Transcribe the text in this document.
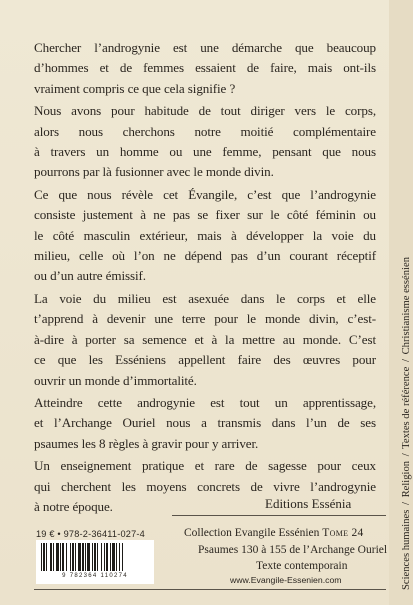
Chercher l’androgynie est une démarche que beaucoup
d’hommes et de femmes essaient de faire, mais ont-ils
vraiment compris ce que cela signifie ?

Nous avons pour habitude de tout diriger vers le corps,
alors nous cherchons notre moitié complémentaire
à travers un homme ou une femme, pensant que nous
pourrons par là fusionner avec le monde divin.

Ce que nous révèle cet Évangile, c’est que l’androgynie
consiste justement à ne pas se fixer sur le côté féminin ou
le côté masculin extérieur, mais à développer la voie du
milieu, celle où l’on ne dépend pas d’un courant réceptif
ou d’un autre émissif.

La voie du milieu est asexuée dans le corps et elle
t’apprend à devenir une terre pour le monde divin, c’est-
à-dire à porter sa semence et à la mettre au monde. C’est
ce que les Esséniens appellent faire des œuvres pour
ouvrir un monde d’immortalité.

Atteindre cette androgynie est tout un apprentissage,
et l’Archange Ouriel nous a transmis dans l’un de ses
psaumes les 8 règles à gravir pour y arriver.

Un enseignement pratique et rare de sagesse pour ceux
qui cherchent les moyens concrets de vivre l’androgynie
à notre époque.	Editions Essénia
19 € • 978-2-36411-027-4
9 782364 110274
Collection Evangile Essénien Tome 24
Psaumes 130 à 155 de l’Archange Ouriel
Texte contemporain
www.Evangile-Essenien.com	Sciences humaines / Religion / Textes de référence / Christianisme essénien
